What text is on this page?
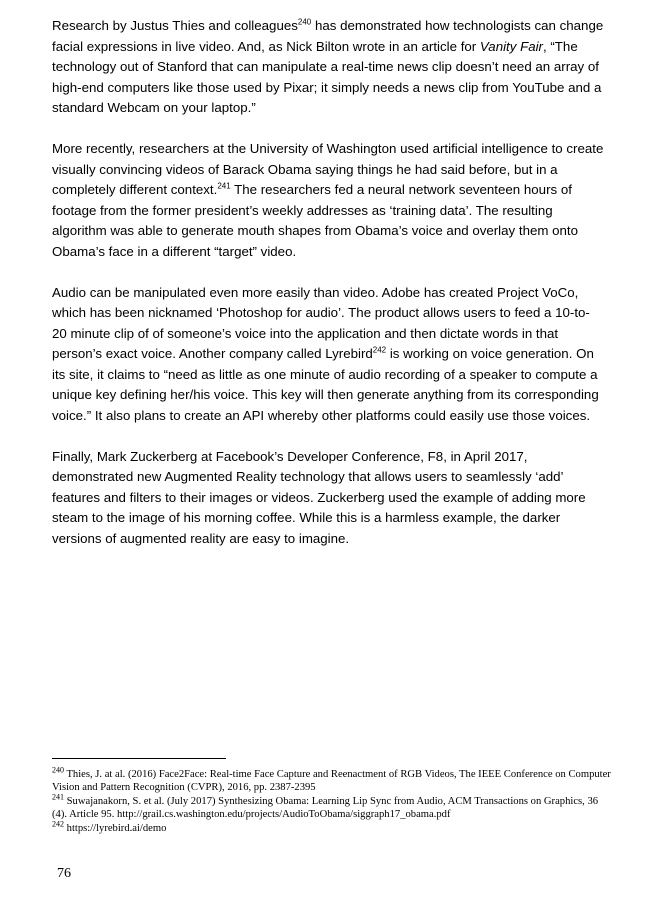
Research by Justus Thies and colleagues$^{240}$ has demonstrated how technologists can change facial expressions in live video. And, as Nick Bilton wrote in an article for Vanity Fair, “The technology out of Stanford that can manipulate a real-time news clip doesn’t need an array of high-end computers like those used by Pixar; it simply needs a news clip from YouTube and a standard Webcam on your laptop.”

More recently, researchers at the University of Washington used artificial intelligence to create visually convincing videos of Barack Obama saying things he had said before, but in a completely different context.$^{241}$ The researchers fed a neural network seventeen hours of footage from the former president’s weekly addresses as ‘training data’. The resulting algorithm was able to generate mouth shapes from Obama’s voice and overlay them onto Obama’s face in a different “target” video.

Audio can be manipulated even more easily than video. Adobe has created Project VoCo, which has been nicknamed ‘Photoshop for audio’. The product allows users to feed a 10-to-20 minute clip of of someone’s voice into the application and then dictate words in that person’s exact voice. Another company called Lyrebird$^{242}$ is working on voice generation. On its site, it claims to “need as little as one minute of audio recording of a speaker to compute a unique key defining her/his voice. This key will then generate anything from its corresponding voice.” It also plans to create an API whereby other platforms could easily use those voices.

Finally, Mark Zuckerberg at Facebook’s Developer Conference, F8, in April 2017, demonstrated new Augmented Reality technology that allows users to seamlessly ‘add’ features and filters to their images or videos. Zuckerberg used the example of adding more steam to the image of his morning coffee. While this is a harmless example, the darker versions of augmented reality are easy to imagine.

$^{240}$ Thies, J. at al. (2016) Face2Face: Real-time Face Capture and Reenactment of RGB Videos, The IEEE Conference on Computer Vision and Pattern Recognition (CVPR), 2016, pp. 2387-2395

$^{241}$ Suwajanakorn, S. et al. (July 2017) Synthesizing Obama: Learning Lip Sync from Audio, ACM Transactions on Graphics, 36 (4). Article 95. http://grail.cs.washington.edu/projects/AudioToObama/siggraph17_obama.pdf

$^{242}$ https://lyrebird.ai/demo

76
